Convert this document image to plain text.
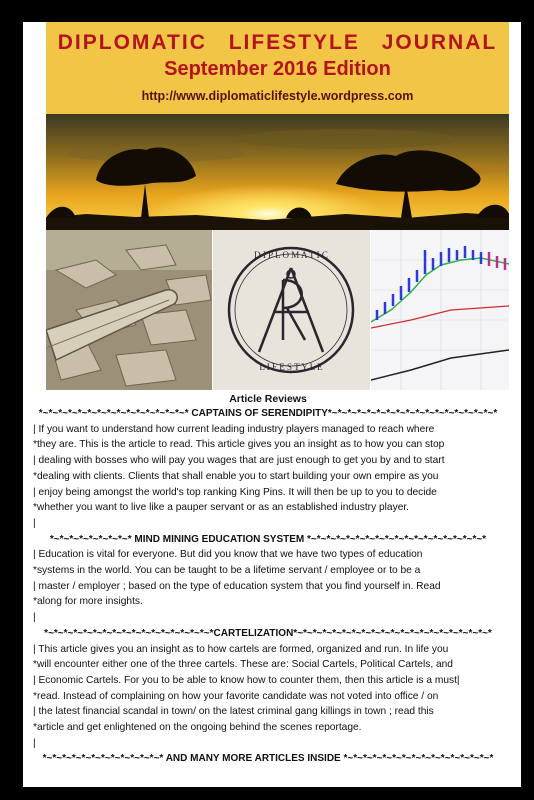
DIPLOMATIC LIFESTYLE JOURNAL
September 2016 Edition
http://www.diplomaticlifestyle.wordpress.com
D I P L O M A T I C
L I F E S T Y L E
Article Reviews
*~*~*~*~*~*~*~*~*~*~*~*~*~*~*~* CAPTAINS OF SERENDIPITY*~*~*~*~*~*~*~*~*~*~*~*~*~*~*~*~*~*
| If you want to understand how current leading industry players managed to reach where
*they are. This is the article to read. This article gives you an insight as to how you can stop
| dealing with bosses who will pay you wages that are just enough to get you by and to start
*dealing with clients. Clients that shall enable you to start building your own empire as you
| enjoy being amongst the world's top ranking King Pins. It will then be up to you to decide
*whether you want to live like a pauper servant or as an established industry player.
|
*~*~*~*~*~*~*~*~* MIND MINING EDUCATION SYSTEM *~*~*~*~*~*~*~*~*~*~*~*~*~*~*~*~*~*~*
| Education is vital for everyone. But did you know that we have two types of education
*systems in the world. You can be taught to be a lifetime servant / employee or to be a
| master / employer ; based on the type of education system that you find yourself in. Read
*along for more insights.
|
*~*~*~*~*~*~*~*~*~*~*~*~*~*~*~*~*~*CARTELIZATION*~*~*~*~*~*~*~*~*~*~*~*~*~*~*~*~*~*~*~*~*
| This article gives you an insight as to how cartels are formed, organized and run. In life you
*will encounter either one of the three cartels. These are: Social Cartels, Political Cartels, and
| Economic Cartels. For you to be able to know how to counter them, then this article is a must|
*read. Instead of complaining on how your favorite candidate was not voted into office / on
| the latest financial scandal in town/ on the latest criminal gang killings in town ; read this
*article and get enlightened on the ongoing behind the scenes reportage.
|
*~*~*~*~*~*~*~*~*~*~*~*~* AND MANY MORE ARTICLES INSIDE *~*~*~*~*~*~*~*~*~*~*~*~*~*~*~*
